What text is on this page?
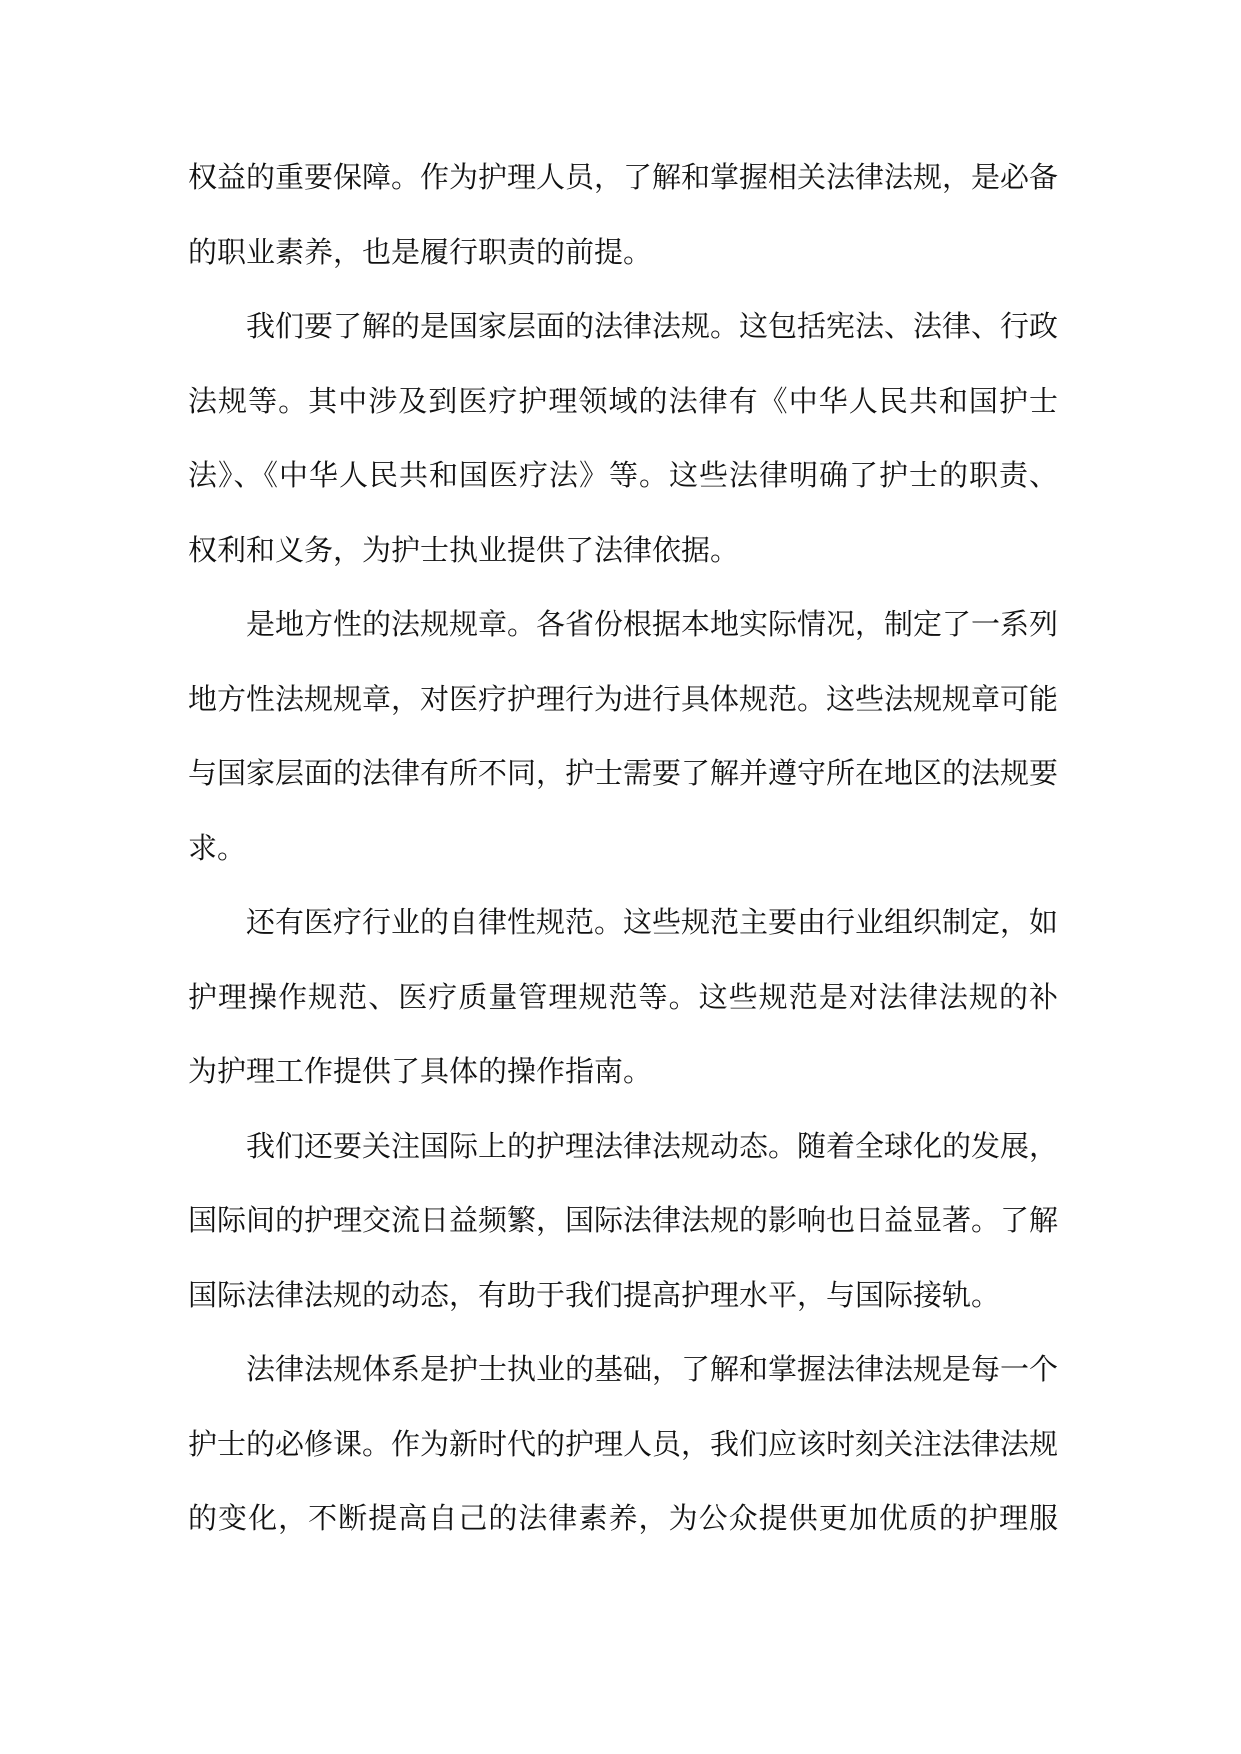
权益的重要保障。作为护理人员，了解和掌握相关法律法规，是必备
的职业素养，也是履行职责的前提。
我们要了解的是国家层面的法律法规。这包括宪法、法律、行政
法规等。其中涉及到医疗护理领域的法律有《中华人民共和国护士
法》、《中华人民共和国医疗法》等。这些法律明确了护士的职责、
权利和义务，为护士执业提供了法律依据。
是地方性的法规规章。各省份根据本地实际情况，制定了一系列
地方性法规规章，对医疗护理行为进行具体规范。这些法规规章可能
与国家层面的法律有所不同，护士需要了解并遵守所在地区的法规要
求。
还有医疗行业的自律性规范。这些规范主要由行业组织制定，如
护理操作规范、医疗质量管理规范等。这些规范是对法律法规的补
为护理工作提供了具体的操作指南。
我们还要关注国际上的护理法律法规动态。随着全球化的发展，
国际间的护理交流日益频繁，国际法律法规的影响也日益显著。了解
国际法律法规的动态，有助于我们提高护理水平，与国际接轨。
法律法规体系是护士执业的基础，了解和掌握法律法规是每一个
护士的必修课。作为新时代的护理人员，我们应该时刻关注法律法规
的变化，不断提高自己的法律素养，为公众提供更加优质的护理服
